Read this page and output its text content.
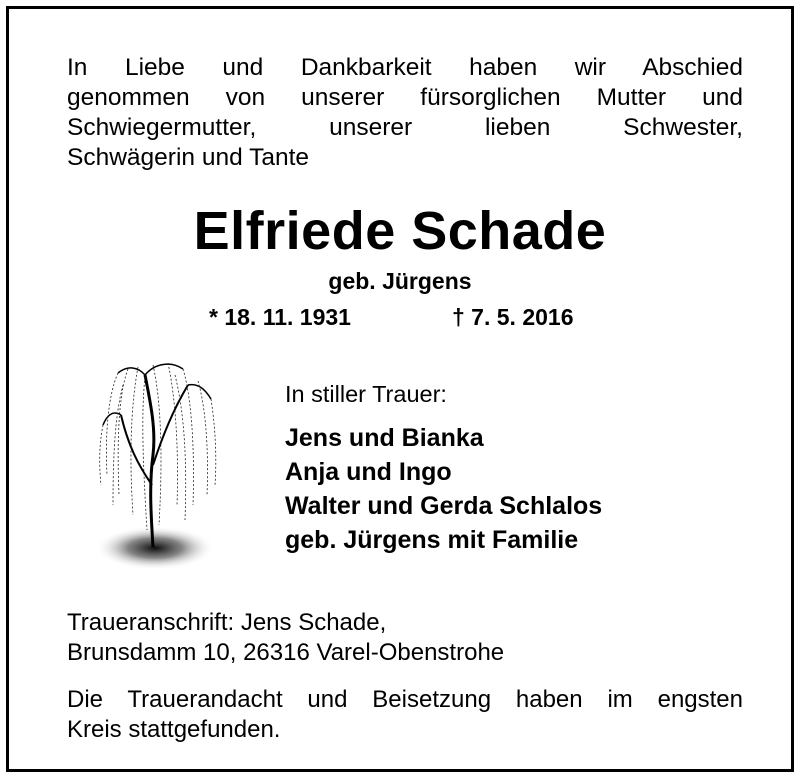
In Liebe und Dankbarkeit haben wir Abschied
genommen von unserer fürsorglichen Mutter und
Schwiegermutter, unserer lieben Schwester,
Schwägerin und Tante
Elfriede Schade
geb. Jürgens
* 18. 11. 1931	† 7. 5. 2016
In stiller Trauer:
Jens und Bianka
Anja und Ingo
Walter und Gerda Schlalos
geb. Jürgens mit Familie
Traueranschrift: Jens Schade,
Brunsdamm 10, 26316 Varel-Obenstrohe
Die Trauerandacht und Beisetzung haben im engsten
Kreis stattgefunden.
